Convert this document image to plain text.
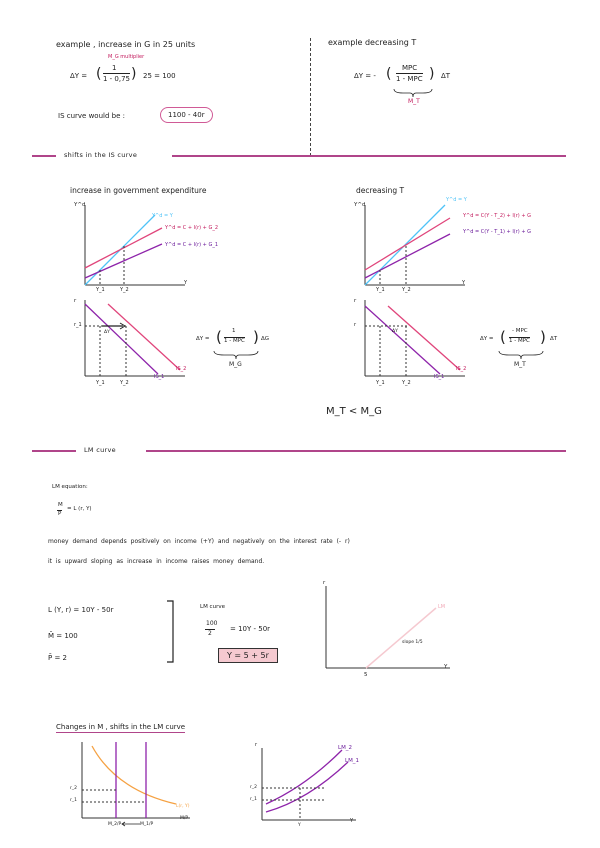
example , increase in G in 25 units
M_G multiplier
ΔY = ( 1
1 - 0,75 ) 25 = 100
IS curve would be :	1100 - 40r
example decreasing T
ΔY = - ( MPC
1 - MPC ) ΔT
M_T
shifts in the IS curve
increase in government expenditure	decreasing T
Y^d
Y^d = Y
Y^d = C + I(r) + G_2
Y^d = C + I(r) + G_1
Y_1	Y_2
Y
Y^d
Y^d = Y
Y^d = C(Y - T_2) + I(r) + G
Y^d = C(Y - T_1) + I(r) + G
Y_1	Y_2
Y
r
r_1
ΔY
Y_1	Y_2
IS_2
IS_1
ΔY = ( 1
1 - MPC ) ΔG
M_G
r
r
ΔY
Y_1	Y_2
IS_1
IS_2
ΔY = ( - MPC
1 - MPC ) ΔT
M_T
M_T < M_G
LM curve
LM equation:
M
P
= L (r, Y)
money demand depends positively on income (+Y) and negatively on the interest rate (- r)
it is upward sloping as increase in income raises money demand.
L (Y, r) = 10Y - 50r
M̄ = 100
P̄ = 2
LM curve
100
2
= 10Y - 50r
Y = 5 + 5r
r
Y
LM
slope 1/5
5
Changes in M , shifts in the LM curve
r_2
r_1
L(r, Y)
M_2/P	M_1/P
M/P
r
Y
LM_2
LM_1
r_2
r_1
Y
